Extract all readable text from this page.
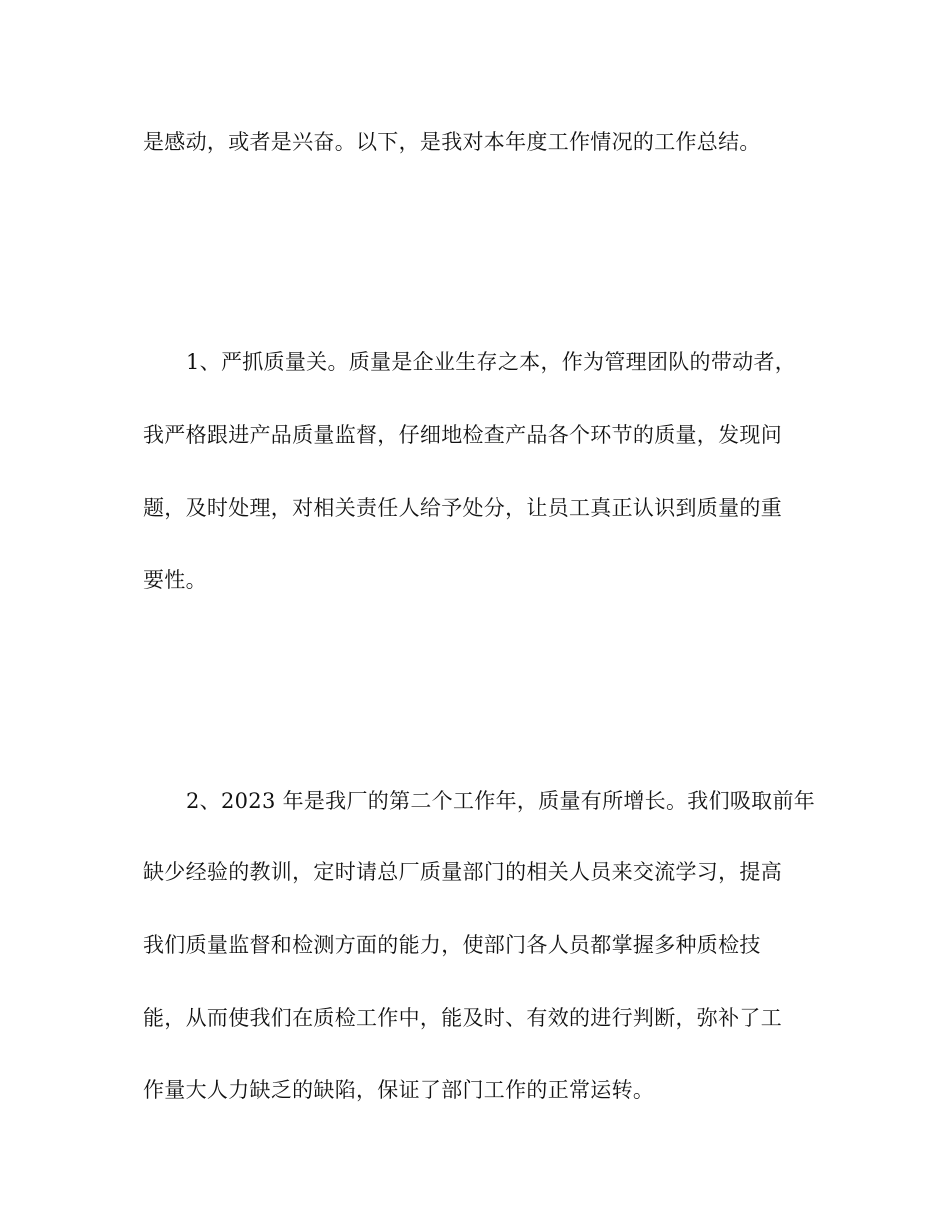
是感动，或者是兴奋。以下，是我对本年度工作情况的工作总结。
1、严抓质量关。质量是企业生存之本，作为管理团队的带动者，
我严格跟进产品质量监督，仔细地检查产品各个环节的质量，发现问
题，及时处理，对相关责任人给予处分，让员工真正认识到质量的重
要性。
2、2023 年是我厂的第二个工作年，质量有所增长。我们吸取前年
缺少经验的教训，定时请总厂质量部门的相关人员来交流学习，提高
我们质量监督和检测方面的能力，使部门各人员都掌握多种质检技
能，从而使我们在质检工作中，能及时、有效的进行判断，弥补了工
作量大人力缺乏的缺陷，保证了部门工作的正常运转。
